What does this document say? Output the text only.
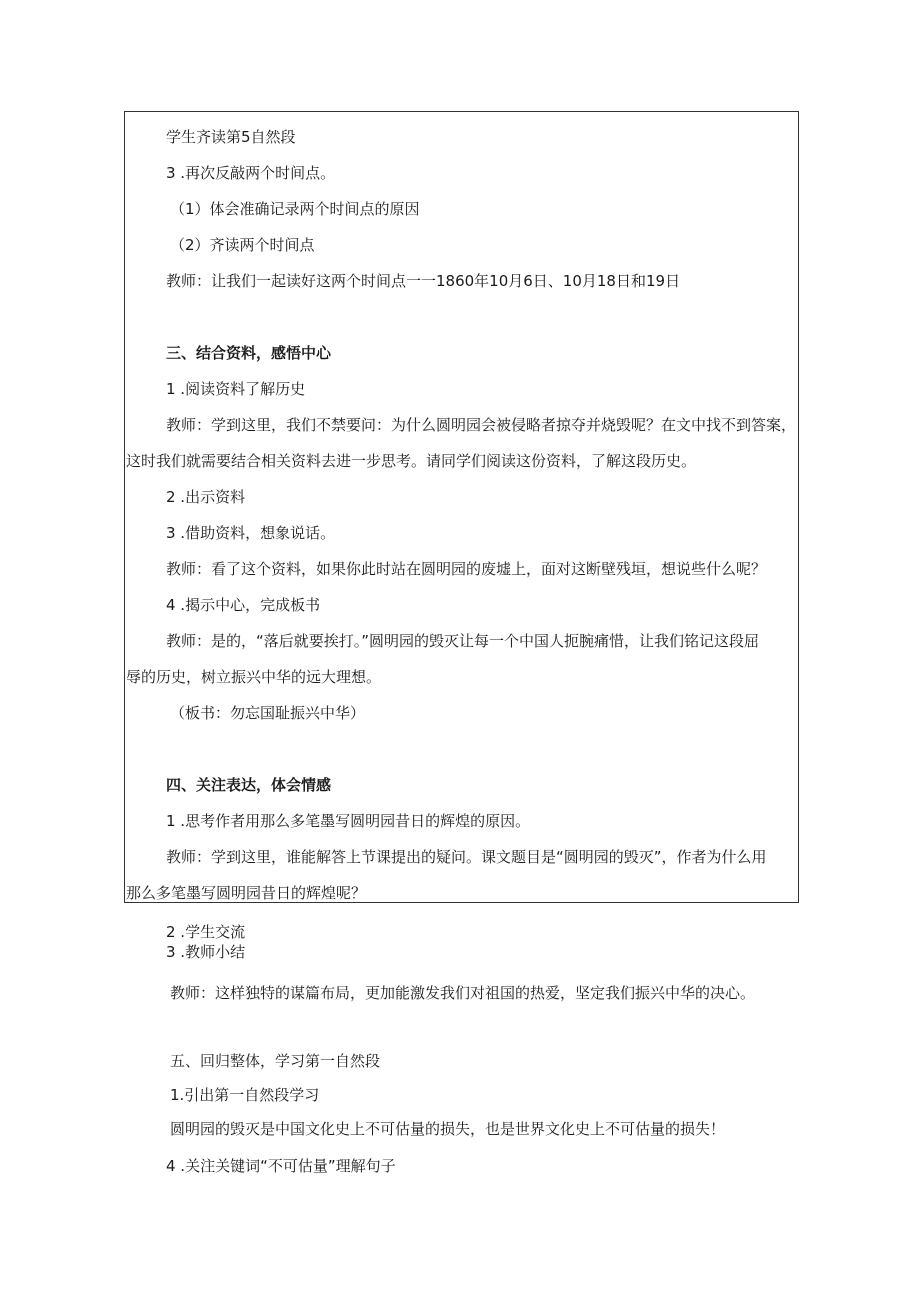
学生齐读第5自然段
3 .再次反敲两个时间点。
（1）体会准确记录两个时间点的原因
（2）齐读两个时间点
教师：让我们一起读好这两个时间点一一1860年10月6日、10月18日和19日
三、结合资料，感悟中心
1 .阅读资料了解历史
教师：学到这里，我们不禁要问：为什么圆明园会被侵略者掠夺并烧毁呢？在文中找不到答案，
这时我们就需要结合相关资料去进一步思考。请同学们阅读这份资料，了解这段历史。
2 .出示资料
3 .借助资料，想象说话。
教师：看了这个资料，如果你此时站在圆明园的废墟上，面对这断壁残垣，想说些什么呢？
4 .揭示中心，完成板书
教师：是的，“落后就要挨打。”圆明园的毁灭让每一个中国人扼腕痛惜，让我们铭记这段屈
辱的历史，树立振兴中华的远大理想。
（板书：勿忘国耻振兴中华）
四、关注表达，体会情感
1 .思考作者用那么多笔墨写圆明园昔日的辉煌的原因。
教师：学到这里，谁能解答上节课提出的疑问。课文题目是“圆明园的毁灭”，作者为什么用
那么多笔墨写圆明园昔日的辉煌呢？
2 .学生交流
3 .教师小结
教师：这样独特的谋篇布局，更加能激发我们对祖国的热爱，坚定我们振兴中华的决心。
五、回归整体，学习第一自然段
1.引出第一自然段学习
圆明园的毁灭是中国文化史上不可估量的损失，也是世界文化史上不可估量的损失！
4 .关注关键词“不可估量”理解句子
